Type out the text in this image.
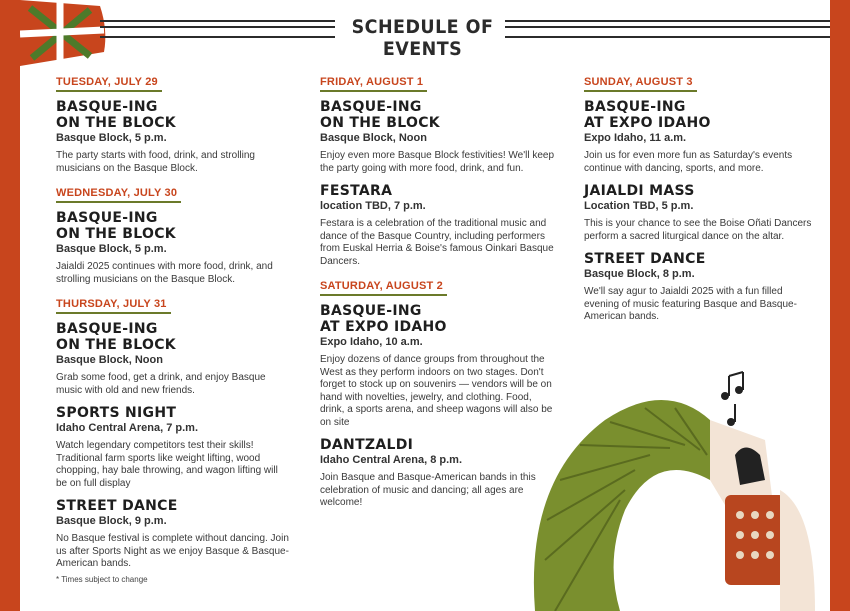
SCHEDULE OF EVENTS
TUESDAY, JULY 29

BASQUE-ING
ON THE BLOCK
Basque Block, 5 p.m.
The party starts with food, drink, and strolling musicians on the Basque Block.
WEDNESDAY, JULY 30

BASQUE-ING
ON THE BLOCK
Basque Block, 5 p.m.
Jaialdi 2025 continues with more food, drink, and strolling musicians on the Basque Block.
THURSDAY, JULY 31

BASQUE-ING
ON THE BLOCK
Basque Block, Noon
Grab some food, get a drink, and enjoy Basque music with old and new friends.
SPORTS NIGHT
Idaho Central Arena, 7 p.m.
Watch legendary competitors test their skills! Traditional farm sports like weight lifting, wood chopping, hay bale throwing, and wagon lifting will be on full display
STREET DANCE
Basque Block, 9 p.m.
No Basque festival is complete without dancing. Join us after Sports Night as we enjoy Basque & Basque-American bands.
FRIDAY, AUGUST 1

BASQUE-ING
ON THE BLOCK
Basque Block, Noon
Enjoy even more Basque Block festivities! We'll keep the party going with more food, drink, and fun.
FESTARA
location TBD, 7 p.m.
Festara is a celebration of the traditional music and dance of the Basque Country, including performers from Euskal Herria & Boise's famous Oinkari Basque Dancers.
SATURDAY, AUGUST 2

BASQUE-ING
AT EXPO IDAHO
Expo Idaho, 10 a.m.
Enjoy dozens of dance groups from throughout the West as they perform indoors on two stages. Don't forget to stock up on souvenirs — vendors will be on hand with novelties, jewelry, and clothing. Food, drink, a sports arena, and sheep wagons will also be on site
DANTZALDI
Idaho Central Arena, 8 p.m.
Join Basque and Basque-American bands in this celebration of music and dancing; all ages are welcome!
SUNDAY, AUGUST 3

BASQUE-ING
AT EXPO IDAHO
Expo Idaho, 11 a.m.
Join us for even more fun as Saturday's events continue with dancing, sports, and more.
JAIALDI MASS
Location TBD, 5 p.m.
This is your chance to see the Boise Oñati Dancers perform a sacred liturgical dance on the altar.
STREET DANCE
Basque Block, 8 p.m.
We'll say agur to Jaialdi 2025 with a fun filled evening of music featuring Basque and Basque-American bands.
* Times subject to change
